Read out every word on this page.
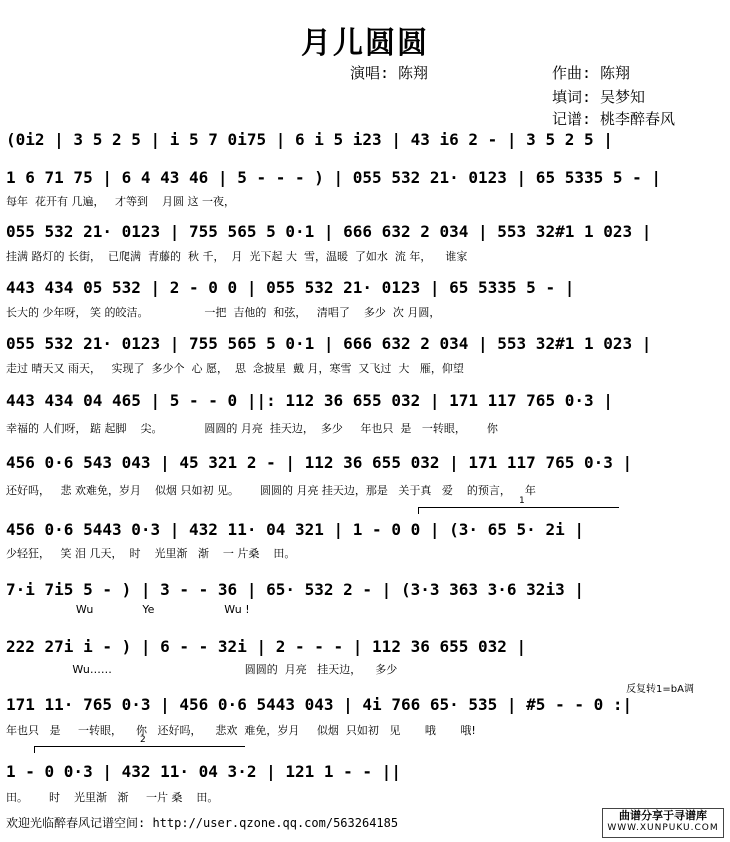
月儿圆圆
演唱: 陈翔	作曲: 陈翔
填词: 吴梦知
记谱: 桃李醉春风
(0i2 | 3 5 2 5 | i 5 7 0i75 | 6 i 5 i23 | 43 i6 2 - | 3 5 2 5 |
1 6 71 75 | 6 4 43 46 | 5 - - - ) | 055 532 21· 0123 | 65 5335 5 - |
每年  花开有 几遍，   才等到    月圆 这 一夜，
055 532 21· 0123 | 755 565 5 0·1 | 666 632 2 034 | 553 32#1 1 023 |
挂满 路灯的 长街，  已爬满  青藤的  秋 千，  月  光下起 大  雪，温暖  了如水  流 年，    谁家
443 434 05 532 | 2 - 0 0 | 055 532 21· 0123 | 65 5335 5 - |
长大的 少年呀， 笑 的皎洁。                一把  吉他的  和弦，   清唱了    多少  次 月圆，
055 532 21· 0123 | 755 565 5 0·1 | 666 632 2 034 | 553 32#1 1 023 |
走过 晴天又 雨天，   实现了  多少个  心 愿，  思  念披星  戴 月，寒雪  又飞过  大   雁，仰望
443 434 04 465 | 5 - - 0 ||: 112 36 655 032 | 171 117 765 0·3 |
幸福的 人们呀， 踮 起脚    尖。            圆圆的 月亮  挂天边，  多少     年也只  是   一转眼，      你
456 0·6 543 043 | 45 321 2 - | 112 36 655 032 | 171 117 765 0·3 |
还好吗，   悲 欢难免，岁月    似烟 只如初 见。      圆圆的 月亮 挂天边，那是   关于真   爱    的预言，    年
1
456 0·6 5443 0·3 | 432 11· 04 321 | 1 - 0 0 | (3· 65 5· 2i |
少轻狂，   笑 泪 几天，  时    光里渐   渐    一 片桑    田。
7·i 7i5 5 - ) | 3 - - 36 | 65· 532 2 - | (3·3 363 3·6 32i3 |
Wu              Ye                    Wu !
222 27i i - ) | 6 - - 32i | 2 - - - | 112 36 655 032 |
Wu……                                      圆圆的  月亮   挂天边，    多少
反复转1=bA调
171 11· 765 0·3 | 456 0·6 5443 043 | 4i 766 65· 535 | #5 - - 0 :|
年也只   是     一转眼，    你   还好吗，    悲欢  难免，岁月     似烟  只如初   见       哦       哦!
2
1 - 0 0·3 | 432 11· 04 3·2 | 121 1 - - ||
田。      时    光里渐   渐     一片 桑    田。
欢迎光临醉春风记谱空间: http://user.qzone.qq.com/563264185
曲谱分享于寻谱库
WWW.XUNPUKU.COM
